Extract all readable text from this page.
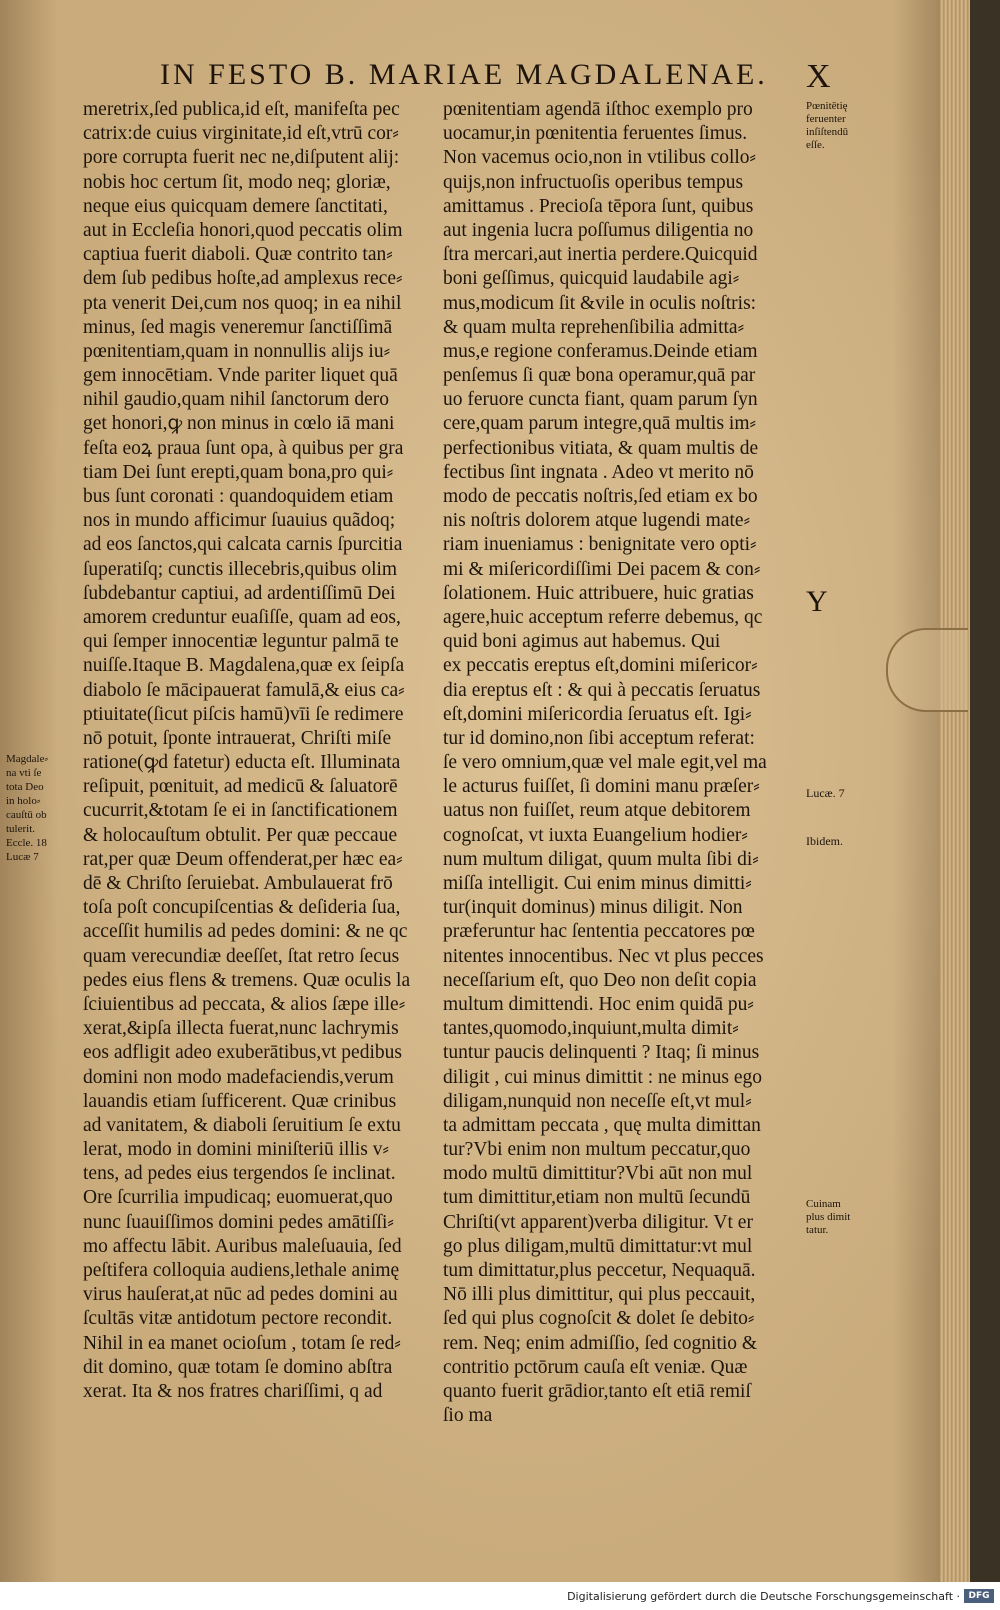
IN FESTO B. MARIAE MAGDALENAE. X
meretrix,ſed publica,id eſt, manifeſta pec
catrix:de cuius virginitate,id eſt,vtrū cor⸗
pore corrupta fuerit nec ne,diſputent alij:
nobis hoc certum ſit, modo neq; gloriæ,
neque eius quicquam demere ſanctitati,
aut in Eccleſia honori,quod peccatis olim
captiua fuerit diaboli. Quæ contrito tan⸗
dem ſub pedibus hoſte,ad amplexus rece⸗
pta venerit Dei,cum nos quoq; in ea nihil
minus, ſed magis veneremur ſanctiſſimā
pœnitentiam,quam in nonnullis alijs iu⸗
gem innocētiam. Vnde pariter liquet quā
nihil gaudio,quam nihil ſanctorum dero
get honori,ꝙ non minus in cœlo iā mani
feſta eoꝝ praua ſunt opa, à quibus per gra
tiam Dei ſunt erepti,quam bona,pro qui⸗
bus ſunt coronati : quandoquidem etiam
nos in mundo afficimur ſuauius quãdoq;
ad eos ſanctos,qui calcata carnis ſpurcitia
ſuperatiſq; cunctis illecebris,quibus olim
ſubdebantur captiui, ad ardentiſſimū Dei
amorem creduntur euaſiſſe, quam ad eos,
qui ſemper innocentiæ leguntur palmā te
nuiſſe.Itaque B. Magdalena,quæ ex ſeipſa
diabolo ſe mācipauerat famulā,& eius ca⸗
ptiuitate(ſicut piſcis hamū)vīi ſe redimere
nō potuit, ſponte intrauerat, Chriſti miſe
ratione(ꝙd fatetur) educta eſt. Illuminata
reſipuit, pœnituit, ad medicū & ſaluatorē
cucurrit,&totam ſe ei in ſanctificationem
& holocauſtum obtulit. Per quæ peccaue
rat,per quæ Deum offenderat,per hæc ea⸗
dē & Chriſto ſeruiebat. Ambulauerat frō
toſa poſt concupiſcentias & deſideria ſua,
acceſſit humilis ad pedes domini: & ne qc
quam verecundiæ deeſſet, ſtat retro ſecus
pedes eius flens & tremens. Quæ oculis la
ſciuientibus ad peccata, & alios ſæpe ille⸗
xerat,&ipſa illecta fuerat,nunc lachrymis
eos adfligit adeo exuberātibus,vt pedibus
domini non modo madefaciendis,verum
lauandis etiam ſufficerent. Quæ crinibus
ad vanitatem, & diaboli ſeruitium ſe extu
lerat, modo in domini miniſteriū illis v⸗
tens, ad pedes eius tergendos ſe inclinat.
Ore ſcurrilia impudicaq; euomuerat,quo
nunc ſuauiſſimos domini pedes amātiſſi⸗
mo affectu lābit. Auribus maleſuauia, ſed
peſtifera colloquia audiens,lethale animę
virus hauſerat,at nūc ad pedes domini au
ſcultās vitæ antidotum pectore recondit.
Nihil in ea manet ocioſum , totam ſe red⸗
dit domino, quæ totam ſe domino abſtra
xerat. Ita & nos fratres chariſſimi, q ad
pœnitentiam agendā iſthoc exemplo pro
uocamur,in pœnitentia feruentes ſimus.
Non vacemus ocio,non in vtilibus collo⸗
quijs,non infructuoſis operibus tempus
amittamus . Precioſa tēpora ſunt, quibus
aut ingenia lucra poſſumus diligentia no
ſtra mercari,aut inertia perdere.Quicquid
boni geſſimus, quicquid laudabile agi⸗
mus,modicum ſit &vile in oculis noſtris:
& quam multa reprehenſibilia admitta⸗
mus,e regione conferamus.Deinde etiam
penſemus ſi quæ bona operamur,quā par
uo feruore cuncta fiant, quam parum ſyn
cere,quam parum integre,quā multis im⸗
perfectionibus vitiata, & quam multis de
fectibus ſint ingnata . Adeo vt merito nō
modo de peccatis noſtris,ſed etiam ex bo
nis noſtris dolorem atque lugendi mate⸗
riam inueniamus : benignitate vero opti⸗
mi & miſericordiſſimi Dei pacem & con⸗
ſolationem. Huic attribuere, huic gratias
agere,huic acceptum referre debemus, qc
quid boni agimus aut habemus. Qui
ex peccatis ereptus eſt,domini miſericor⸗
dia ereptus eſt : & qui à peccatis ſeruatus
eſt,domini miſericordia ſeruatus eſt. Igi⸗
tur id domino,non ſibi acceptum referat:
ſe vero omnium,quæ vel male egit,vel ma
le acturus fuiſſet, ſi domini manu præſer⸗
uatus non fuiſſet, reum atque debitorem
cognoſcat, vt iuxta Euangelium hodier⸗
num multum diligat, quum multa ſibi di⸗
miſſa intelligit. Cui enim minus dimitti⸗
tur(inquit dominus) minus diligit. Non
præferuntur hac ſententia peccatores pœ
nitentes innocentibus. Nec vt plus pecces
neceſſarium eſt, quo Deo non deſit copia
multum dimittendi. Hoc enim quidā pu⸗
tantes,quomodo,inquiunt,multa dimit⸗
tuntur paucis delinquenti ? Itaq; ſi minus
diligit , cui minus dimittit : ne minus ego
diligam,nunquid non neceſſe eſt,vt mul⸗
ta admittam peccata , quę multa dimittan
tur?Vbi enim non multum peccatur,quo
modo multū dimittitur?Vbi aūt non mul
tum dimittitur,etiam non multū ſecundū
Chriſti(vt apparent)verba diligitur. Vt er
go plus diligam,multū dimittatur:vt mul
tum dimittatur,plus peccetur, Nequaquā.
Nō illi plus dimittitur, qui plus peccauit,
ſed qui plus cognoſcit & dolet ſe debito⸗
rem. Neq; enim admiſſio, ſed cognitio &
contritio pctōrum cauſa eſt veniæ. Quæ
quanto fuerit grādior,tanto eſt etiā remiſ
ſio ma
Pœnitētię
feruenter
inſiſtendū
eſſe.
Y
Lucæ. 7
Ibidem.
Cuinam
plus dimit
tatur.
Magdale⸗
na vti ſe
tota Deo
in holo⸗
cauſtū ob
tulerit.
Eccle. 18
Lucæ 7
Digitalisierung gefördert durch die Deutsche Forschungsgemeinschaft · DFG
